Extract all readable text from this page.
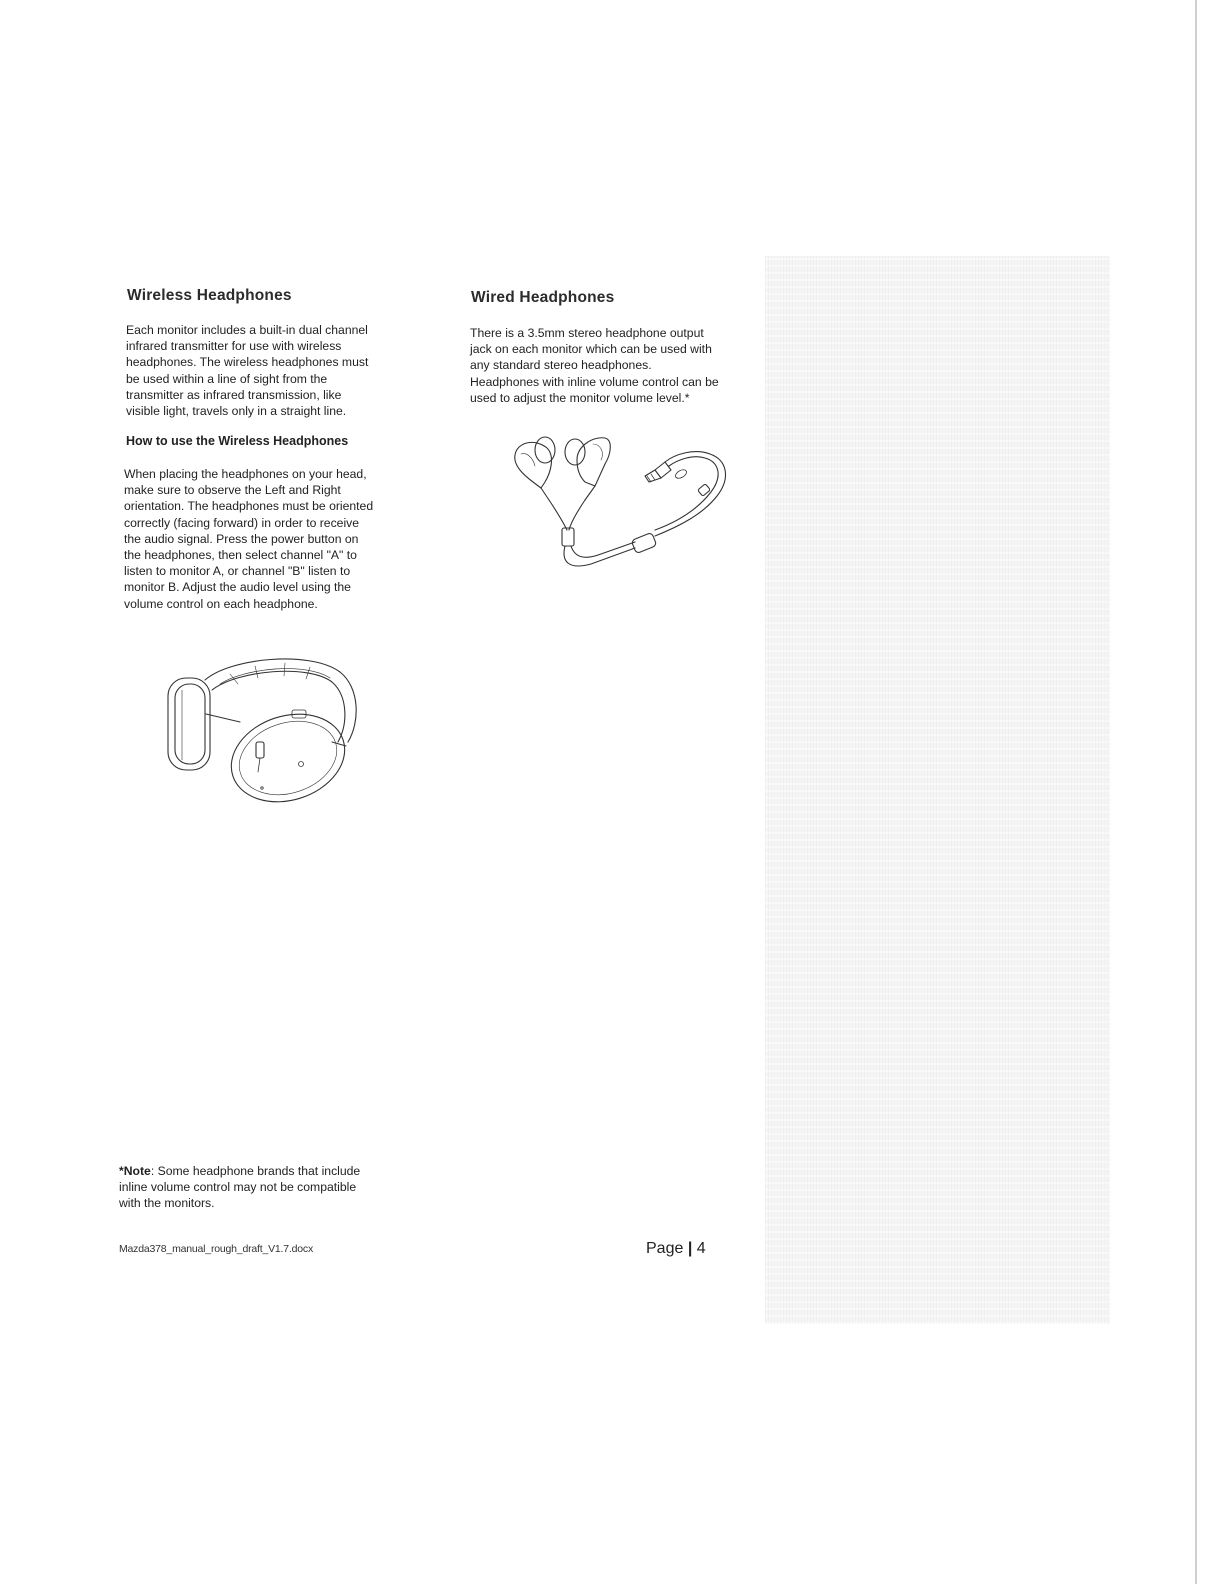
Wireless Headphones
Each monitor includes a built-in dual channel
infrared transmitter for use with wireless
headphones. The wireless headphones must
be used within a line of sight from the
transmitter as infrared transmission, like
visible light, travels only in a straight line.
How to use the Wireless Headphones
When placing the headphones on your head,
make sure to observe the Left and Right
orientation. The headphones must be oriented
correctly (facing forward) in order to receive
the audio signal. Press the power button on
the headphones, then select channel "A" to
listen to monitor A, or channel "B" listen to
monitor B. Adjust the audio level using the
volume control on each headphone.
Wired Headphones
There is a 3.5mm stereo headphone output
jack on each monitor which can be used with
any standard stereo headphones.
Headphones with inline volume control can be
used to adjust the monitor volume level.*
*Note: Some headphone brands that include
inline volume control may not be compatible
with the monitors.
Mazda378_manual_rough_draft_V1.7.docx	Page | 4
